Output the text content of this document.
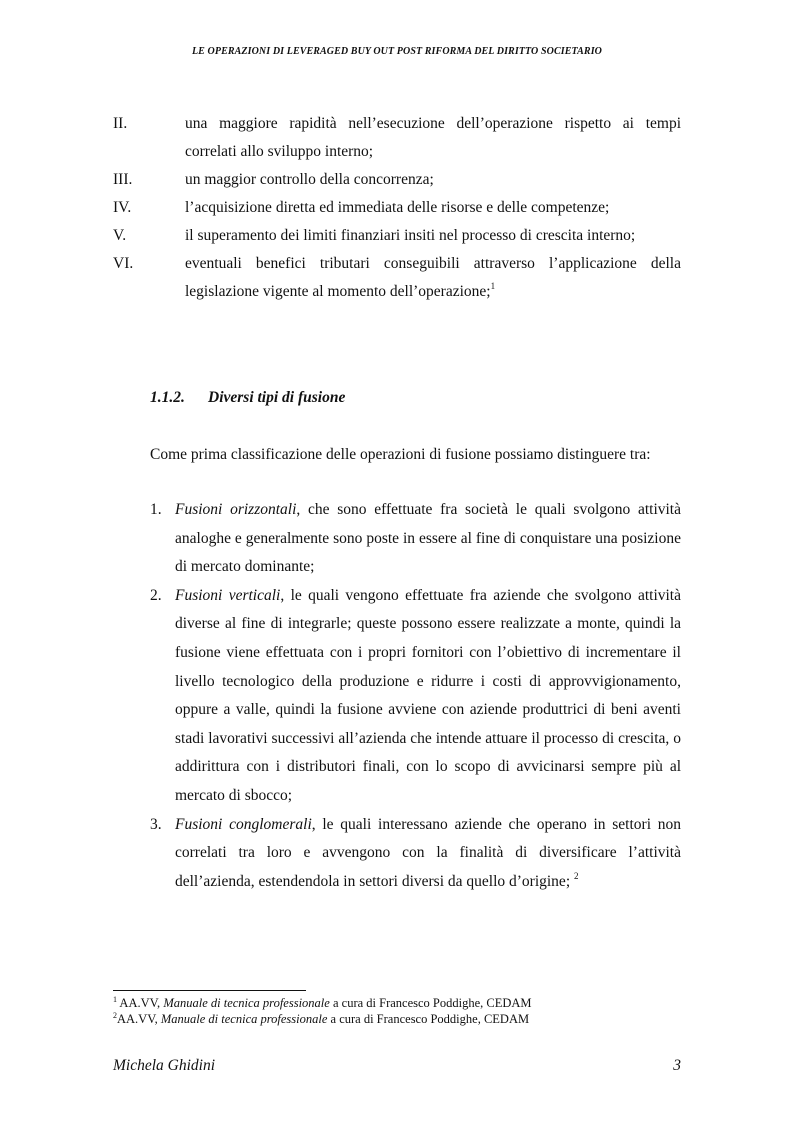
LE OPERAZIONI DI LEVERAGED BUY OUT POST RIFORMA DEL DIRITTO SOCIETARIO
II.	una maggiore rapidità nell’esecuzione dell’operazione rispetto ai tempi correlati allo sviluppo interno;
III.	un maggior controllo della concorrenza;
IV.	l’acquisizione diretta ed immediata delle risorse e delle competenze;
V.	il superamento dei limiti finanziari insiti nel processo di crescita interno;
VI.	eventuali benefici tributari conseguibili attraverso l’applicazione della legislazione vigente al momento dell’operazione;$^1$
1.1.2. Diversi tipi di fusione
Come prima classificazione delle operazioni di fusione possiamo distinguere tra:
1. Fusioni orizzontali, che sono effettuate fra società le quali svolgono attività analoghe e generalmente sono poste in essere al fine di conquistare una posizione di mercato dominante;
2. Fusioni verticali, le quali vengono effettuate fra aziende che svolgono attività diverse al fine di integrarle; queste possono essere realizzate a monte, quindi la fusione viene effettuata con i propri fornitori con l’obiettivo di incrementare il livello tecnologico della produzione e ridurre i costi di approvvigionamento, oppure a valle, quindi la fusione avviene con aziende produttrici di beni aventi stadi lavorativi successivi all’azienda che intende attuare il processo di crescita, o addirittura con i distributori finali, con lo scopo di avvicinarsi sempre più al mercato di sbocco;
3. Fusioni conglomerali, le quali interessano aziende che operano in settori non correlati tra loro e avvengono con la finalità di diversificare l’attività dell’azienda, estendendola in settori diversi da quello d’origine; $^2$
$^1$ AA.VV, Manuale di tecnica professionale a cura di Francesco Poddighe, CEDAM
$^2$AA.VV, Manuale di tecnica professionale a cura di Francesco Poddighe, CEDAM
Michela Ghidini	3
